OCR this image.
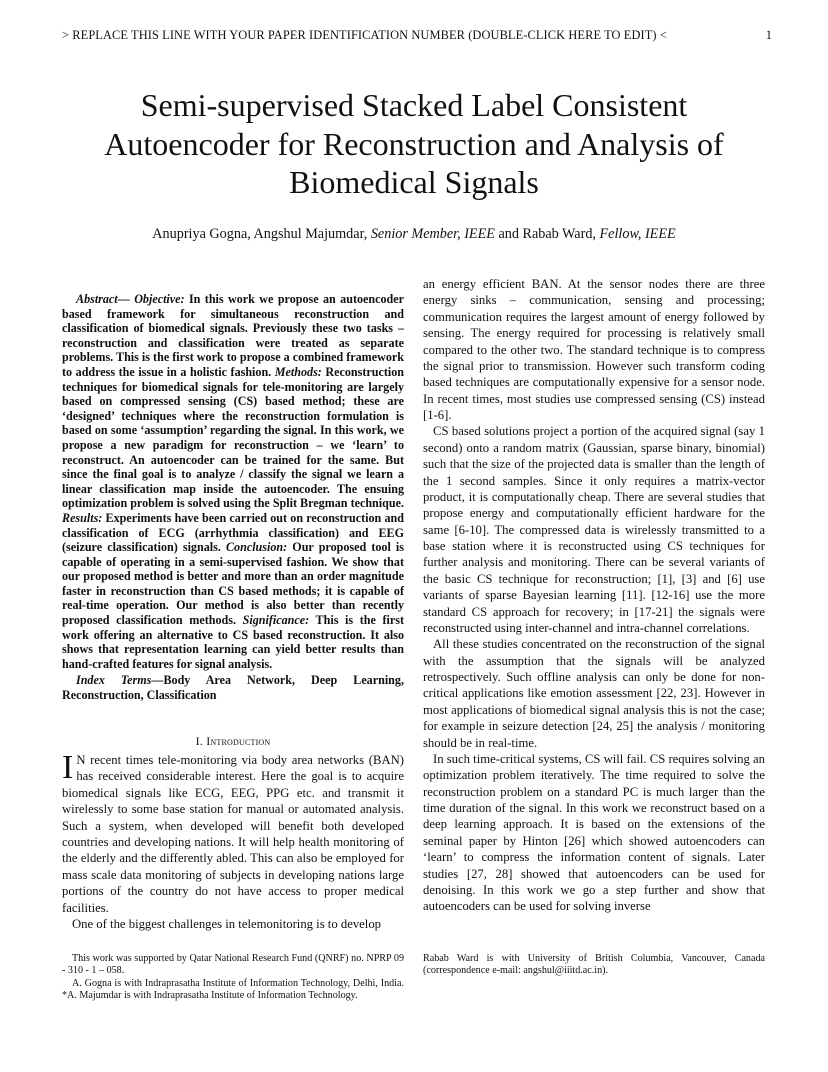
> REPLACE THIS LINE WITH YOUR PAPER IDENTIFICATION NUMBER (DOUBLE-CLICK HERE TO EDIT) <	1
Semi-supervised Stacked Label Consistent
Autoencoder for Reconstruction and Analysis of
Biomedical Signals
Anupriya Gogna, Angshul Majumdar, Senior Member, IEEE and Rabab Ward, Fellow, IEEE

Abstract— Objective: In this work we propose an autoencoder based framework for simultaneous reconstruction and classification of biomedical signals. Previously these two tasks – reconstruction and classification were treated as separate problems. This is the first work to propose a combined framework to address the issue in a holistic fashion. Methods: Reconstruction techniques for biomedical signals for tele-monitoring are largely based on compressed sensing (CS) based method; these are ‘designed’ techniques where the reconstruction formulation is based on some ‘assumption’ regarding the signal. In this work, we propose a new paradigm for reconstruction – we ‘learn’ to reconstruct. An autoencoder can be trained for the same. But since the final goal is to analyze / classify the signal we learn a linear classification map inside the autoencoder. The ensuing optimization problem is solved using the Split Bregman technique. Results: Experiments have been carried out on reconstruction and classification of ECG (arrhythmia classification) and EEG (seizure classification) signals. Conclusion: Our proposed tool is capable of operating in a semi-supervised fashion. We show that our proposed method is better and more than an order magnitude faster in reconstruction than CS based methods; it is capable of real-time operation. Our method is also better than recently proposed classification methods. Significance: This is the first work offering an alternative to CS based reconstruction. It also shows that representation learning can yield better results than hand-crafted features for signal analysis.

Index Terms—Body Area Network, Deep Learning, Reconstruction, Classification

I. Introduction

I N recent times tele-monitoring via body area networks (BAN) has received considerable interest. Here the goal is to acquire biomedical signals like ECG, EEG, PPG etc. and transmit it wirelessly to some base station for manual or automated analysis. Such a system, when developed will benefit both developed countries and developing nations. It will help health monitoring of the elderly and the differently abled. This can also be employed for mass scale data monitoring of subjects in developing nations large portions of the country do not have access to proper medical facilities.

One of the biggest challenges in telemonitoring is to develop

an energy efficient BAN. At the sensor nodes there are three energy sinks – communication, sensing and processing; communication requires the largest amount of energy followed by sensing. The energy required for processing is relatively small compared to the other two. The standard technique is to compress the signal prior to transmission. However such transform coding based techniques are computationally expensive for a sensor node. In recent times, most studies use compressed sensing (CS) instead [1-6].

CS based solutions project a portion of the acquired signal (say 1 second) onto a random matrix (Gaussian, sparse binary, binomial) such that the size of the projected data is smaller than the length of the 1 second samples. Since it only requires a matrix-vector product, it is computationally cheap. There are several studies that propose energy and computationally efficient hardware for the same [6-10]. The compressed data is wirelessly transmitted to a base station where it is reconstructed using CS techniques for further analysis and monitoring. There can be several variants of the basic CS technique for reconstruction; [1], [3] and [6] use variants of sparse Bayesian learning [11]. [12-16] use the more standard CS approach for recovery; in [17-21] the signals were reconstructed using inter-channel and intra-channel correlations.

All these studies concentrated on the reconstruction of the signal with the assumption that the signals will be analyzed retrospectively. Such offline analysis can only be done for non-critical applications like emotion assessment [22, 23]. However in most applications of biomedical signal analysis this is not the case; for example in seizure detection [24, 25] the analysis / monitoring should be in real-time.

In such time-critical systems, CS will fail. CS requires solving an optimization problem iteratively. The time required to solve the reconstruction problem on a standard PC is much larger than the time duration of the signal. In this work we reconstruct based on a deep learning approach. It is based on the extensions of the seminal paper by Hinton [26] which showed autoencoders can ‘learn’ to compress the information content of signals. Later studies [27, 28] showed that autoencoders can be used for denoising. In this work we go a step further and show that autoencoders can be used for solving inverse

This work was supported by Qatar National Research Fund (QNRF) no. NPRP 09 - 310 - 1 – 058.

A. Gogna is with Indraprasatha Institute of Information Technology, Delhi, India. *A. Majumdar is with Indraprasatha Institute of Information Technology.

Rabab Ward is with University of British Columbia, Vancouver, Canada (correspondence e-mail: angshul@iiitd.ac.in).
